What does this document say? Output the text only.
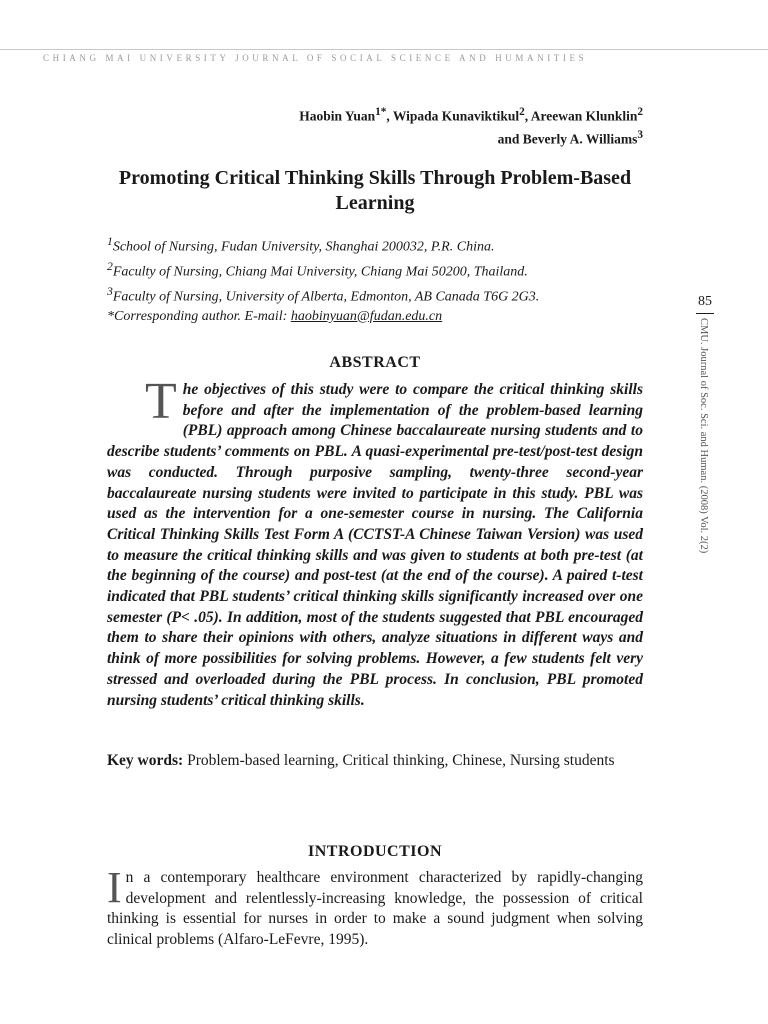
CHIANG MAI UNIVERSITY JOURNAL OF SOCIAL SCIENCE AND HUMANITIES
Haobin Yuan$^{1*}$, Wipada Kunaviktikul$^2$, Areewan Klunklin$^2$
and Beverly A. Williams$^3$
Promoting Critical Thinking Skills Through Problem-Based Learning
$^1$School of Nursing, Fudan University, Shanghai 200032, P.R. China.
$^2$Faculty of Nursing, Chiang Mai University, Chiang Mai 50200, Thailand.
$^3$Faculty of Nursing, University of Alberta, Edmonton, AB Canada T6G 2G3.
*Corresponding author. E-mail: haobinyuan@fudan.edu.cn
85
CMU. Journal of Soc. Sci. and Human. (2008) Vol. 2(2)
ABSTRACT
The objectives of this study were to compare the critical thinking skills before and after the implementation of the problem-based learning (PBL) approach among Chinese baccalaureate nursing students and to describe students’ comments on PBL. A quasi-experimental pre-test/post-test design was conducted. Through purposive sampling, twenty-three second-year baccalaureate nursing students were invited to participate in this study. PBL was used as the intervention for a one-semester course in nursing. The California Critical Thinking Skills Test Form A (CCTST-A Chinese Taiwan Version) was used to measure the critical thinking skills and was given to students at both pre-test (at the beginning of the course) and post-test (at the end of the course). A paired t-test indicated that PBL students’ critical thinking skills significantly increased over one semester (P< .05). In addition, most of the students suggested that PBL encouraged them to share their opinions with others, analyze situations in different ways and think of more possibilities for solving problems. However, a few students felt very stressed and overloaded during the PBL process. In conclusion, PBL promoted nursing students’ critical thinking skills.
Key words: Problem-based learning, Critical thinking, Chinese, Nursing students
INTRODUCTION
In a contemporary healthcare environment characterized by rapidly-changing development and relentlessly-increasing knowledge, the possession of critical thinking is essential for nurses in order to make a sound judgment when solving clinical problems (Alfaro-LeFevre, 1995).
